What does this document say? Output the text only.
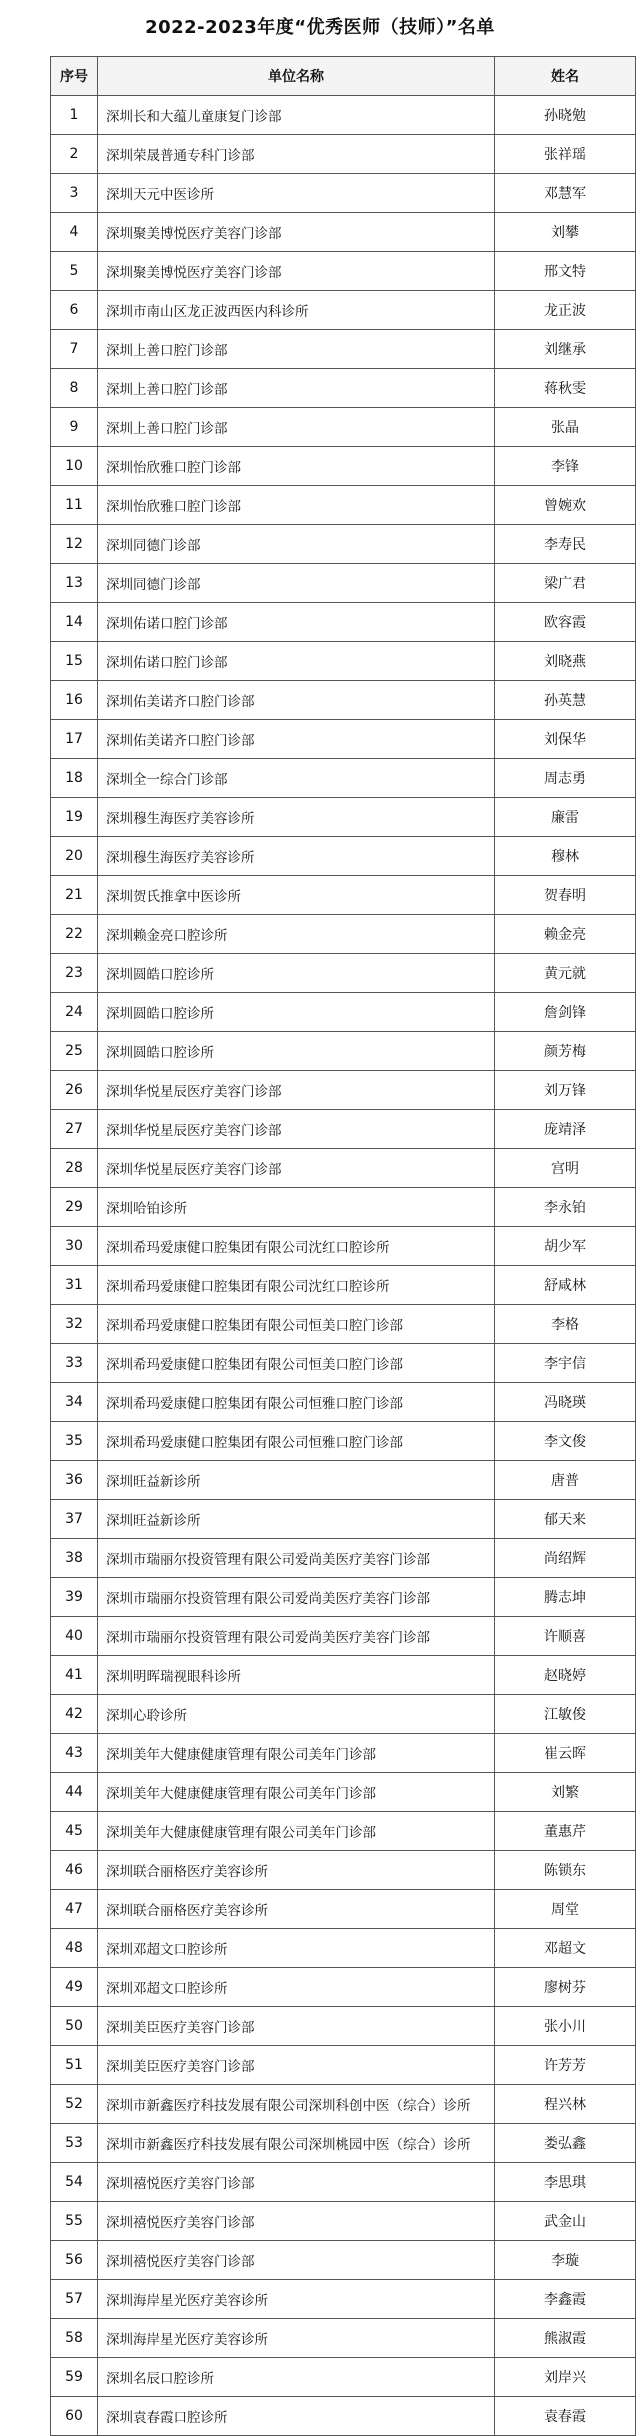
2022-2023年度“优秀医师（技师）”名单
序号	单位名称	姓名
1	深圳长和大蕴儿童康复门诊部	孙晓勉
2	深圳荣晟普通专科门诊部	张祥瑶
3	深圳天元中医诊所	邓慧军
4	深圳聚美博悦医疗美容门诊部	刘攀
5	深圳聚美博悦医疗美容门诊部	邢文特
6	深圳市南山区龙正波西医内科诊所	龙正波
7	深圳上善口腔门诊部	刘继承
8	深圳上善口腔门诊部	蒋秋雯
9	深圳上善口腔门诊部	张晶
10	深圳怡欣雅口腔门诊部	李锋
11	深圳怡欣雅口腔门诊部	曾婉欢
12	深圳同德门诊部	李寿民
13	深圳同德门诊部	梁广君
14	深圳佑诺口腔门诊部	欧容霞
15	深圳佑诺口腔门诊部	刘晓燕
16	深圳佑美诺齐口腔门诊部	孙英慧
17	深圳佑美诺齐口腔门诊部	刘保华
18	深圳全一综合门诊部	周志勇
19	深圳穆生海医疗美容诊所	廉雷
20	深圳穆生海医疗美容诊所	穆林
21	深圳贺氏推拿中医诊所	贺春明
22	深圳赖金亮口腔诊所	赖金亮
23	深圳圆皓口腔诊所	黄元就
24	深圳圆皓口腔诊所	詹剑锋
25	深圳圆皓口腔诊所	颜芳梅
26	深圳华悦星辰医疗美容门诊部	刘万锋
27	深圳华悦星辰医疗美容门诊部	庞靖泽
28	深圳华悦星辰医疗美容门诊部	宫明
29	深圳哈铂诊所	李永铂
30	深圳希玛爱康健口腔集团有限公司沈红口腔诊所	胡少军
31	深圳希玛爱康健口腔集团有限公司沈红口腔诊所	舒咸林
32	深圳希玛爱康健口腔集团有限公司恒美口腔门诊部	李格
33	深圳希玛爱康健口腔集团有限公司恒美口腔门诊部	李宇信
34	深圳希玛爱康健口腔集团有限公司恒雅口腔门诊部	冯晓瑛
35	深圳希玛爱康健口腔集团有限公司恒雅口腔门诊部	李文俊
36	深圳旺益新诊所	唐普
37	深圳旺益新诊所	郁天来
38	深圳市瑞丽尔投资管理有限公司爱尚美医疗美容门诊部	尚绍辉
39	深圳市瑞丽尔投资管理有限公司爱尚美医疗美容门诊部	腾志坤
40	深圳市瑞丽尔投资管理有限公司爱尚美医疗美容门诊部	许顺喜
41	深圳明晖瑞视眼科诊所	赵晓婷
42	深圳心聆诊所	江敏俊
43	深圳美年大健康健康管理有限公司美年门诊部	崔云晖
44	深圳美年大健康健康管理有限公司美年门诊部	刘繁
45	深圳美年大健康健康管理有限公司美年门诊部	董惠芹
46	深圳联合丽格医疗美容诊所	陈锁东
47	深圳联合丽格医疗美容诊所	周堂
48	深圳邓超文口腔诊所	邓超文
49	深圳邓超文口腔诊所	廖树芬
50	深圳美臣医疗美容门诊部	张小川
51	深圳美臣医疗美容门诊部	许芳芳
52	深圳市新鑫医疗科技发展有限公司深圳科创中医（综合）诊所	程兴林
53	深圳市新鑫医疗科技发展有限公司深圳桃园中医（综合）诊所	娄弘鑫
54	深圳禧悦医疗美容门诊部	李思琪
55	深圳禧悦医疗美容门诊部	武金山
56	深圳禧悦医疗美容门诊部	李璇
57	深圳海岸星光医疗美容诊所	李鑫霞
58	深圳海岸星光医疗美容诊所	熊淑霞
59	深圳名辰口腔诊所	刘岸兴
60	深圳袁春霞口腔诊所	袁春霞
